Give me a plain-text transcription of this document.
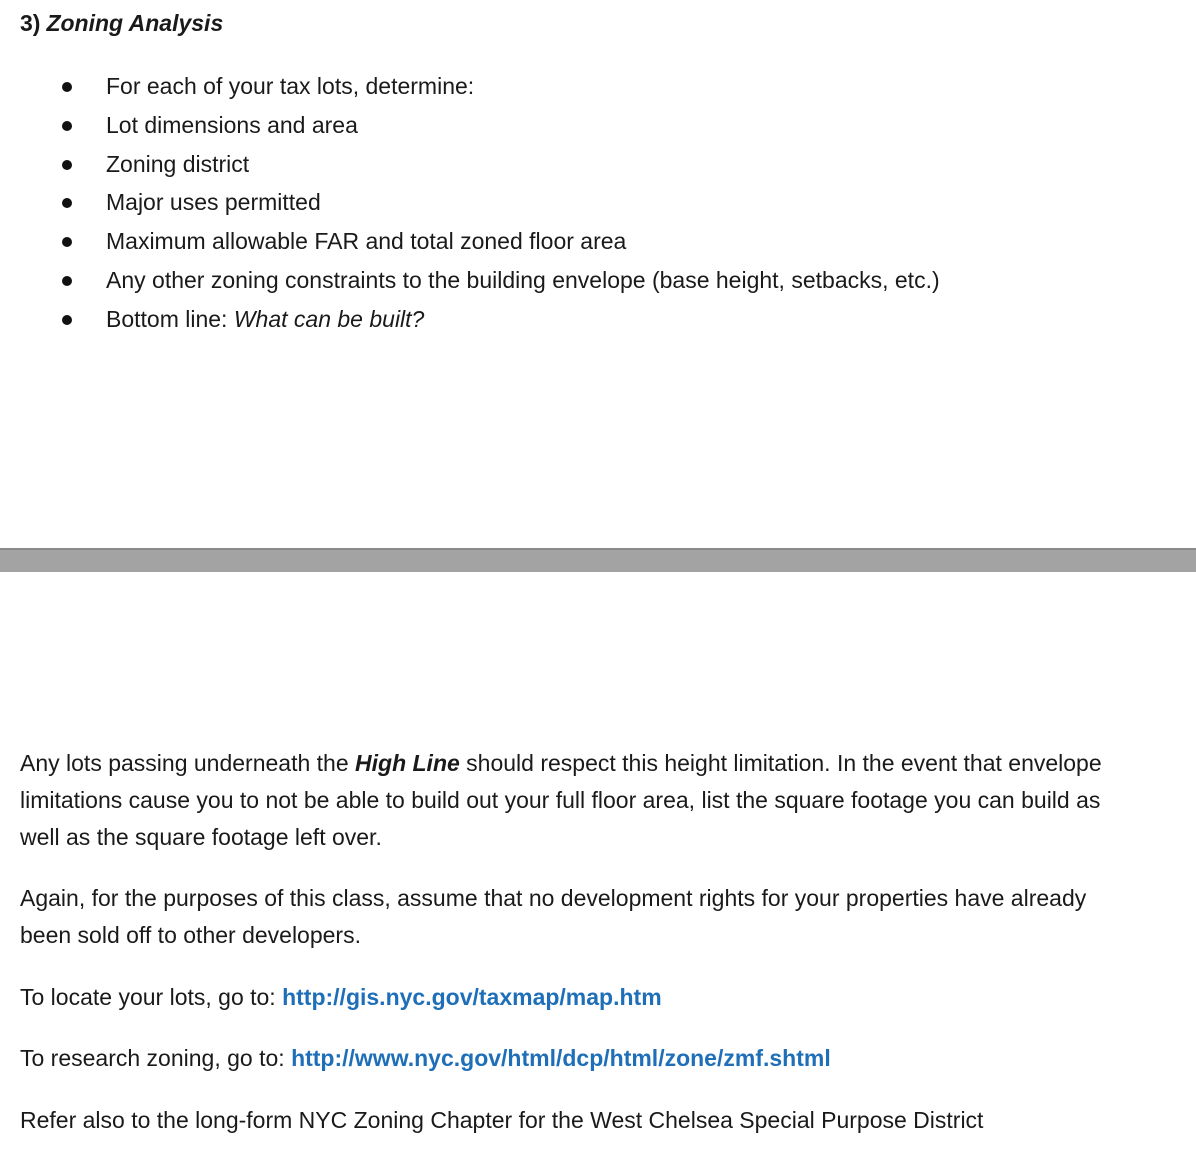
3) Zoning Analysis
For each of your tax lots, determine:
Lot dimensions and area
Zoning district
Major uses permitted
Maximum allowable FAR and total zoned floor area
Any other zoning constraints to the building envelope (base height, setbacks, etc.)
Bottom line: What can be built?

Any lots passing underneath the High Line should respect this height limitation. In the event that envelope limitations cause you to not be able to build out your full floor area, list the square footage you can build as well as the square footage left over.

Again, for the purposes of this class, assume that no development rights for your properties have already been sold off to other developers.

To locate your lots, go to: http://gis.nyc.gov/taxmap/map.htm

To research zoning, go to: http://www.nyc.gov/html/dcp/html/zone/zmf.shtml

Refer also to the long-form NYC Zoning Chapter for the West Chelsea Special Purpose District
